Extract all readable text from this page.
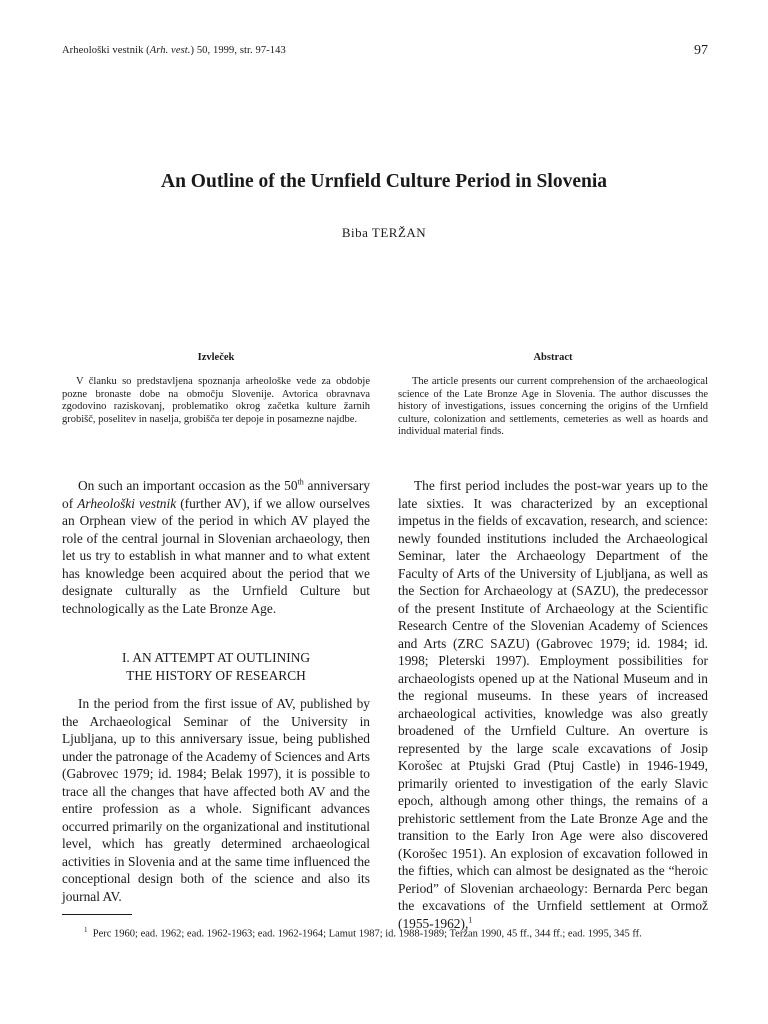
Arheološki vestnik (Arh. vest.) 50, 1999, str. 97-143	97
An Outline of the Urnfield Culture Period in Slovenia
Biba TERŽAN
Izvleček

V članku so predstavljena spoznanja arheološke vede za obdobje pozne bronaste dobe na območju Slovenije. Avtorica obravnava zgodovino raziskovanj, problematiko okrog začetka kulture žarnih grobišč, poselitev in naselja, grobišča ter depoje in posamezne najdbe.

Abstract

The article presents our current comprehension of the archaeological science of the Late Bronze Age in Slovenia. The author discusses the history of investigations, issues concerning the origins of the Urnfield culture, colonization and settlements, cemeteries as well as hoards and individual material finds.

On such an important occasion as the 50th anniversary of Arheološki vestnik (further AV), if we allow ourselves an Orphean view of the period in which AV played the role of the central journal in Slovenian archaeology, then let us try to establish in what manner and to what extent has knowledge been acquired about the period that we designate culturally as the Urnfield Culture but technologically as the Late Bronze Age.

I. AN ATTEMPT AT OUTLINING
THE HISTORY OF RESEARCH

In the period from the first issue of AV, published by the Archaeological Seminar of the University in Ljubljana, up to this anniversary issue, being published under the patronage of the Academy of Sciences and Arts (Gabrovec 1979; id. 1984; Belak 1997), it is possible to trace all the changes that have affected both AV and the entire profession as a whole. Significant advances occurred primarily on the organizational and institutional level, which has greatly determined archaeological activities in Slovenia and at the same time influenced the conceptional design both of the science and also its journal AV.

The first period includes the post-war years up to the late sixties. It was characterized by an exceptional impetus in the fields of excavation, research, and science: newly founded institutions included the Archaeological Seminar, later the Archaeology Department of the Faculty of Arts of the University of Ljubljana, as well as the Section for Archaeology at (SAZU), the predecessor of the present Institute of Archaeology at the Scientific Research Centre of the Slovenian Academy of Sciences and Arts (ZRC SAZU) (Gabrovec 1979; id. 1984; id. 1998; Pleterski 1997). Employment possibilities for archaeologists opened up at the National Museum and in the regional museums. In these years of increased archaeological activities, knowledge was also greatly broadened of the Urnfield Culture. An overture is represented by the large scale excavations of Josip Korošec at Ptujski Grad (Ptuj Castle) in 1946-1949, primarily oriented to investigation of the early Slavic epoch, although among other things, the remains of a prehistoric settlement from the Late Bronze Age and the transition to the Early Iron Age were also discovered (Korošec 1951). An explosion of excavation followed in the fifties, which can almost be designated as the “heroic Period” of Slovenian archaeology: Bernarda Perc began the excavations of the Urnfield settlement at Ormož (1955-1962),$^1$

$^1$ Perc 1960; ead. 1962; ead. 1962-1963; ead. 1962-1964; Lamut 1987; id. 1988-1989; Teržan 1990, 45 ff., 344 ff.; ead. 1995, 345 ff.
